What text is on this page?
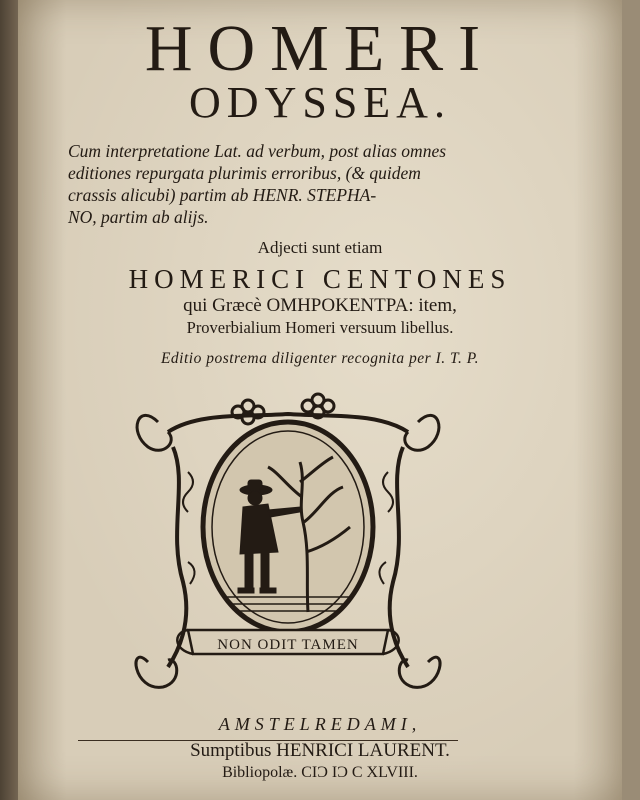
HOMERI
ODYSSEA.
Cum interpretatione Lat. ad verbum, post alias omnes
editiones repurgata plurimis erroribus, (& quidem
crassis alicubi) partim ab HENR. STEPHA-
NO, partim ab alijs.
Adjecti sunt etiam
HOMERICI CENTONES
qui Græcè ΟΜΗΡΟΚΕΝΤΡΑ: item,
Proverbialium Homeri versuum libellus.
Editio postrema diligenter recognita per I. T. P.
NON ODIT TAMEN
AMSTELREDAMI,
Sumptibus HENRICI LAURENT.
Bibliopolæ. CIϽ IϽ C XLVIII.
